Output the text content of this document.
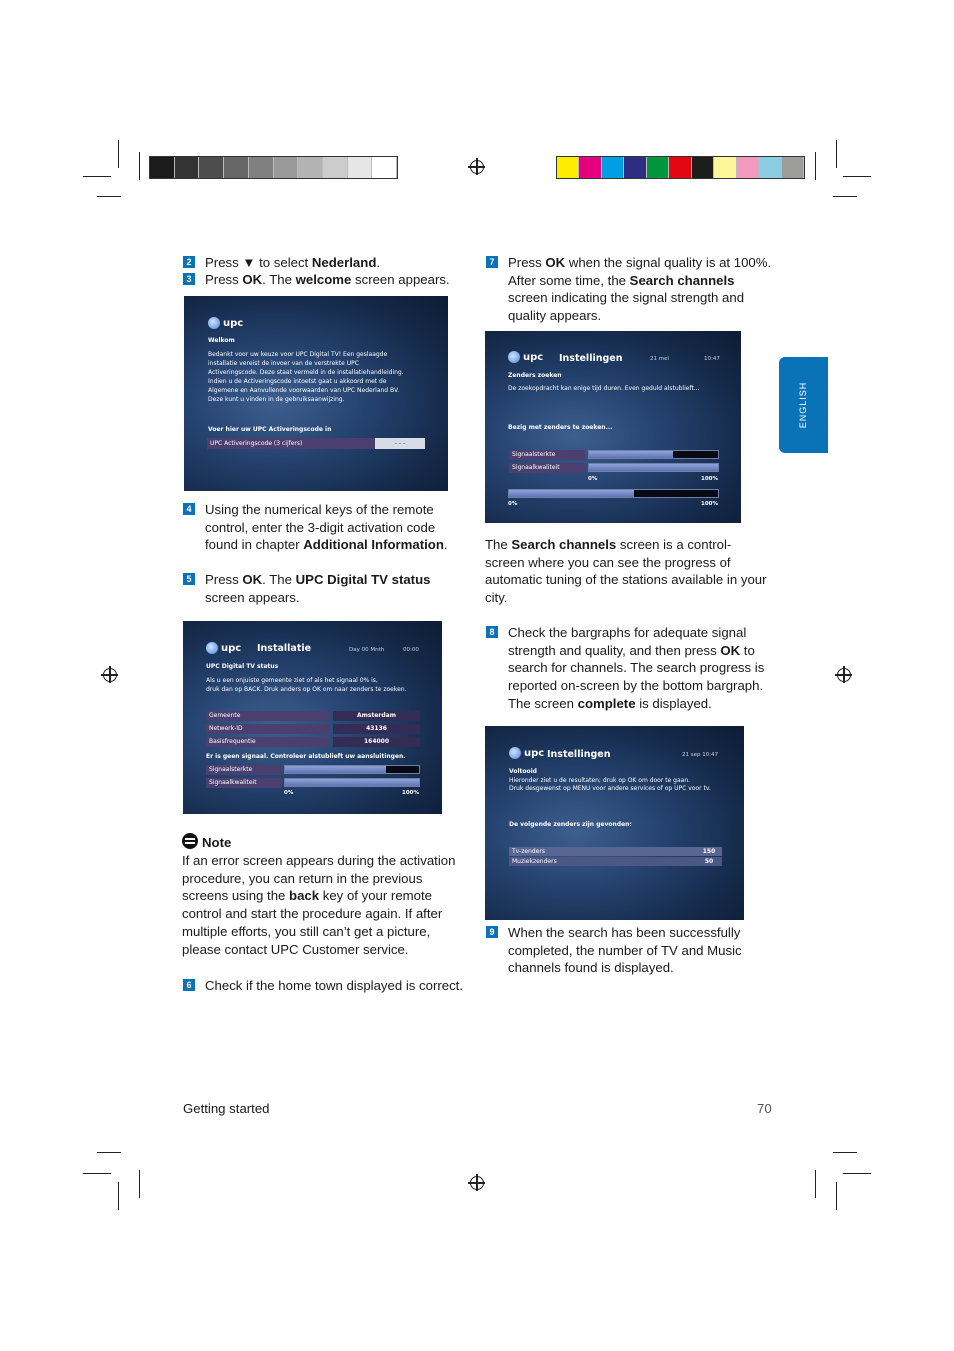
ENGLISH
2 Press ▼ to select Nederland.
3 Press OK. The welcome screen appears.
upc
Welkom
Bedankt voor uw keuze voor UPC Digital TV! Een geslaagde
installatie vereist de invoer van de verstrekte UPC
Activeringscode. Deze staat vermeld in de installatiehandleiding.
Indien u de Activeringscode intoetst gaat u akkoord met de
Algemene en Aanvullende voorwaarden van UPC Nederland BV.
Deze kunt u vinden in de gebruiksaanwijzing.
Voer hier uw UPC Activeringscode in
UPC Activeringscode (3 cijfers)	- - -
4 Using the numerical keys of the remote
control, enter the 3-digit activation code
found in chapter Additional Information.
5 Press OK. The UPC Digital TV status
screen appears.
upc Installatie	Day 00 Mnth	00:00
UPC Digital TV status
Als u een onjuiste gemeente ziet of als het signaal 0% is,
druk dan op BACK. Druk anders op OK om naar zenders te zoeken.
Gemeente	Amsterdam
Netwerk-ID	43136
Basisfrequentie	164000
Er is geen signaal. Controleer alstublieft uw aansluitingen.
Signaalsterkte
Signaalkwaliteit
0%	100%
Note
If an error screen appears during the activation
procedure, you can return in the previous
screens using the back key of your remote
control and start the procedure again. If after
multiple efforts, you still can’t get a picture,
please contact UPC Customer service.
6 Check if the home town displayed is correct.
7 Press OK when the signal quality is at 100%.
After some time, the Search channels
screen indicating the signal strength and
quality appears.
upc Instellingen	21 mei	10:47
Zenders zoeken
De zoekopdracht kan enige tijd duren. Even geduld alstublieft...
Bezig met zenders te zoeken...
Signaalsterkte
Signaalkwaliteit
0%	100%
0%	100%
The Search channels screen is a control-
screen where you can see the progress of
automatic tuning of the stations available in your
city.
8 Check the bargraphs for adequate signal
strength and quality, and then press OK to
search for channels. The search progress is
reported on-screen by the bottom bargraph.
The screen complete is displayed.
upc Instellingen	21 sep 10:47
Voltooid
Hieronder ziet u de resultaten; druk op OK om door te gaan.
Druk desgewenst op MENU voor andere services of op UPC voor tv.
De volgende zenders zijn gevonden:
Tv-zenders	150
Muziekzenders	50
9 When the search has been successfully
completed, the number of TV and Music
channels found is displayed.
Getting started	70
